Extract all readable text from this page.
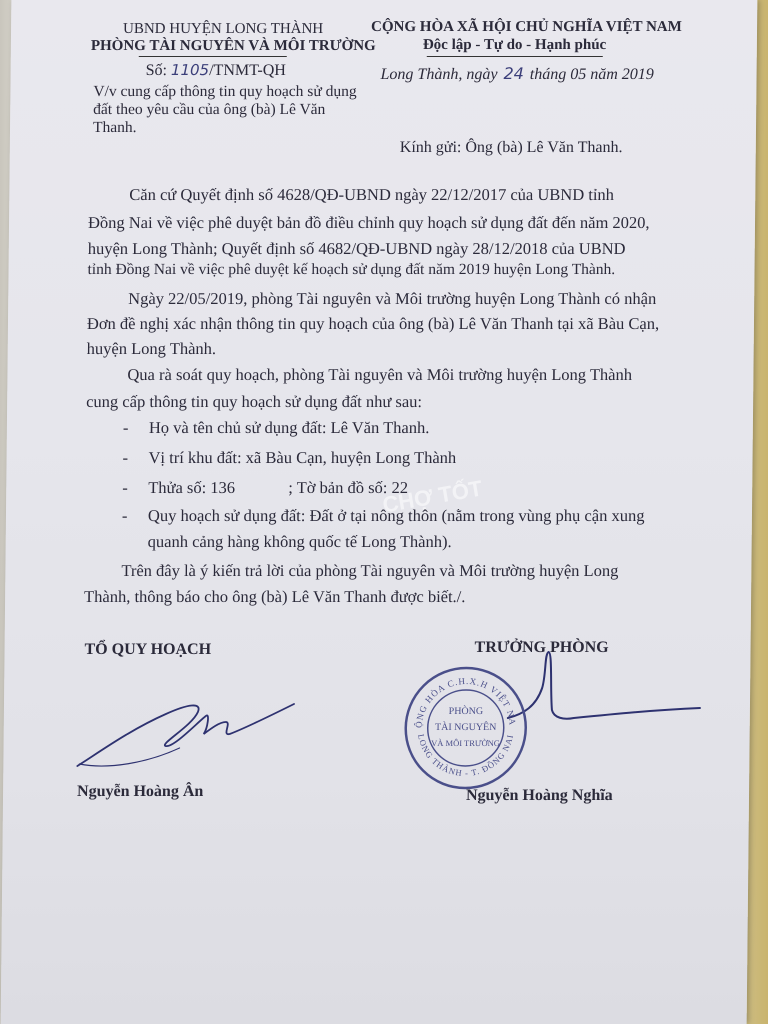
UBND HUYỆN LONG THÀNH
PHÒNG TÀI NGUYÊN VÀ MÔI TRƯỜNG
Số: 1105/TNMT-QH
V/v cung cấp thông tin quy hoạch sử dụng
đất theo yêu cầu của ông (bà) Lê Văn
Thanh.
CỘNG HÒA XÃ HỘI CHỦ NGHĨA VIỆT NAM
Độc lập - Tự do - Hạnh phúc
Long Thành, ngày 24 tháng 05 năm 2019
Kính gửi: Ông (bà) Lê Văn Thanh.
Căn cứ Quyết định số 4628/QĐ-UBND ngày 22/12/2017 của UBND tỉnh
Đồng Nai về việc phê duyệt bản đồ điều chỉnh quy hoạch sử dụng đất đến năm 2020,
huyện Long Thành; Quyết định số 4682/QĐ-UBND ngày 28/12/2018 của UBND
tỉnh Đồng Nai về việc phê duyệt kế hoạch sử dụng đất năm 2019 huyện Long Thành.
Ngày 22/05/2019, phòng Tài nguyên và Môi trường huyện Long Thành có nhận
Đơn đề nghị xác nhận thông tin quy hoạch của ông (bà) Lê Văn Thanh tại xã Bàu Cạn,
huyện Long Thành.
Qua rà soát quy hoạch, phòng Tài nguyên và Môi trường huyện Long Thành
cung cấp thông tin quy hoạch sử dụng đất như sau:
- Họ và tên chủ sử dụng đất: Lê Văn Thanh.
- Vị trí khu đất: xã Bàu Cạn, huyện Long Thành
- Thửa số: 136	; Tờ bản đồ số: 22
- Quy hoạch sử dụng đất: Đất ở tại nông thôn (nằm trong vùng phụ cận xung
quanh cảng hàng không quốc tế Long Thành).
Trên đây là ý kiến trả lời của phòng Tài nguyên và Môi trường huyện Long
Thành, thông báo cho ông (bà) Lê Văn Thanh được biết./.
TỔ QUY HOẠCH	TRƯỞNG PHÒNG
CỘNG HÒA C.H.X.H VIỆT NAM
LONG THÀNH - T. ĐỒNG NAI
PHÒNG
TÀI NGUYÊN
VÀ MÔI TRƯỜNG
Nguyễn Hoàng Ân	Nguyễn Hoàng Nghĩa
CHỢ TỐT
